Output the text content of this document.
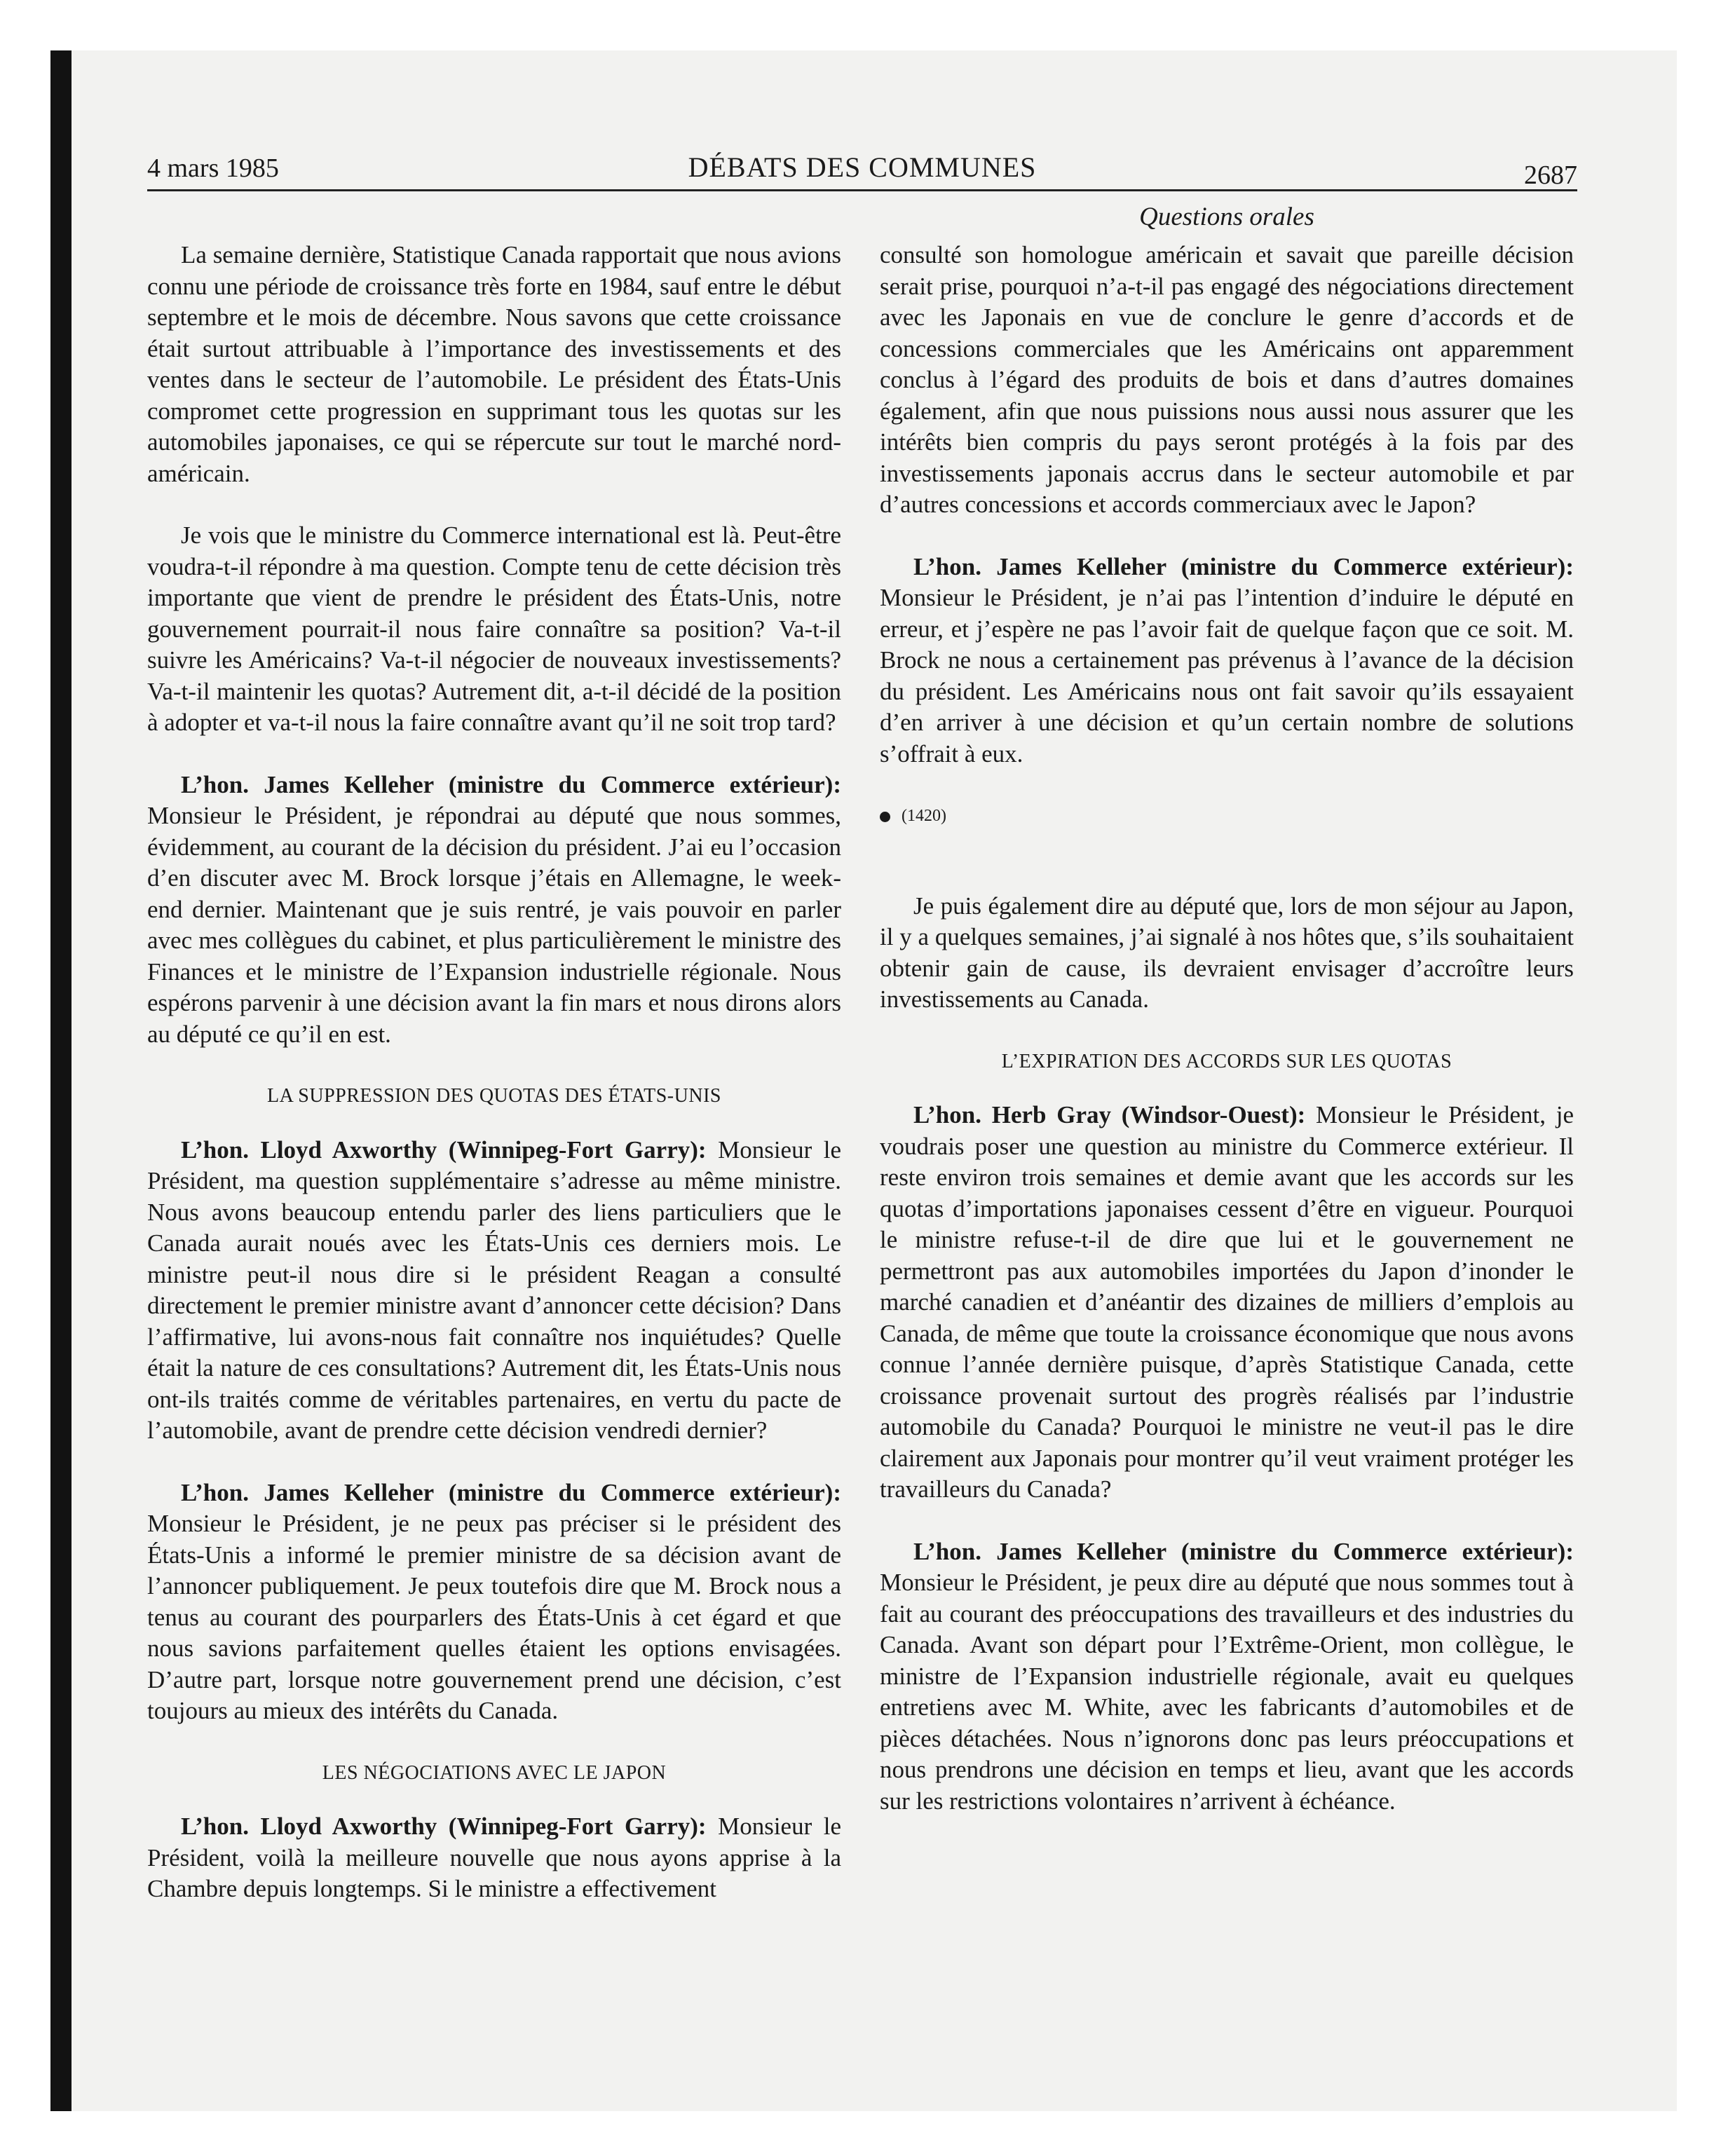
4 mars 1985	DÉBATS DES COMMUNES	2687
Questions orales

La semaine dernière, Statistique Canada rapportait que nous avions connu une période de croissance très forte en 1984, sauf entre le début septembre et le mois de décembre. Nous savons que cette croissance était surtout attribuable à l’importance des investissements et des ventes dans le secteur de l’automobile. Le président des États-Unis compromet cette progression en supprimant tous les quotas sur les automobiles japonaises, ce qui se répercute sur tout le marché nord-américain.

Je vois que le ministre du Commerce international est là. Peut-être voudra-t-il répondre à ma question. Compte tenu de cette décision très importante que vient de prendre le président des États-Unis, notre gouvernement pourrait-il nous faire connaître sa position? Va-t-il suivre les Américains? Va-t-il négocier de nouveaux investissements? Va-t-il maintenir les quotas? Autrement dit, a-t-il décidé de la position à adopter et va-t-il nous la faire connaître avant qu’il ne soit trop tard?

L’hon. James Kelleher (ministre du Commerce extérieur): Monsieur le Président, je répondrai au député que nous sommes, évidemment, au courant de la décision du président. J’ai eu l’occasion d’en discuter avec M. Brock lorsque j’étais en Allemagne, le week-end dernier. Maintenant que je suis rentré, je vais pouvoir en parler avec mes collègues du cabinet, et plus particulièrement le ministre des Finances et le ministre de l’Expansion industrielle régionale. Nous espérons parvenir à une décision avant la fin mars et nous dirons alors au député ce qu’il en est.

LA SUPPRESSION DES QUOTAS DES ÉTATS-UNIS

L’hon. Lloyd Axworthy (Winnipeg-Fort Garry): Monsieur le Président, ma question supplémentaire s’adresse au même ministre. Nous avons beaucoup entendu parler des liens particuliers que le Canada aurait noués avec les États-Unis ces derniers mois. Le ministre peut-il nous dire si le président Reagan a consulté directement le premier ministre avant d’annoncer cette décision? Dans l’affirmative, lui avons-nous fait connaître nos inquiétudes? Quelle était la nature de ces consultations? Autrement dit, les États-Unis nous ont-ils traités comme de véritables partenaires, en vertu du pacte de l’automobile, avant de prendre cette décision vendredi dernier?

L’hon. James Kelleher (ministre du Commerce extérieur): Monsieur le Président, je ne peux pas préciser si le président des États-Unis a informé le premier ministre de sa décision avant de l’annoncer publiquement. Je peux toutefois dire que M. Brock nous a tenus au courant des pourparlers des États-Unis à cet égard et que nous savions parfaitement quelles étaient les options envisagées. D’autre part, lorsque notre gouvernement prend une décision, c’est toujours au mieux des intérêts du Canada.

LES NÉGOCIATIONS AVEC LE JAPON

L’hon. Lloyd Axworthy (Winnipeg-Fort Garry): Monsieur le Président, voilà la meilleure nouvelle que nous ayons apprise à la Chambre depuis longtemps. Si le ministre a effectivement

consulté son homologue américain et savait que pareille décision serait prise, pourquoi n’a-t-il pas engagé des négociations directement avec les Japonais en vue de conclure le genre d’accords et de concessions commerciales que les Américains ont apparemment conclus à l’égard des produits de bois et dans d’autres domaines également, afin que nous puissions nous aussi nous assurer que les intérêts bien compris du pays seront protégés à la fois par des investissements japonais accrus dans le secteur automobile et par d’autres concessions et accords commerciaux avec le Japon?

L’hon. James Kelleher (ministre du Commerce extérieur): Monsieur le Président, je n’ai pas l’intention d’induire le député en erreur, et j’espère ne pas l’avoir fait de quelque façon que ce soit. M. Brock ne nous a certainement pas prévenus à l’avance de la décision du président. Les Américains nous ont fait savoir qu’ils essayaient d’en arriver à une décision et qu’un certain nombre de solutions s’offrait à eux.

(1420)

Je puis également dire au député que, lors de mon séjour au Japon, il y a quelques semaines, j’ai signalé à nos hôtes que, s’ils souhaitaient obtenir gain de cause, ils devraient envisager d’accroître leurs investissements au Canada.

L’EXPIRATION DES ACCORDS SUR LES QUOTAS

L’hon. Herb Gray (Windsor-Ouest): Monsieur le Président, je voudrais poser une question au ministre du Commerce extérieur. Il reste environ trois semaines et demie avant que les accords sur les quotas d’importations japonaises cessent d’être en vigueur. Pourquoi le ministre refuse-t-il de dire que lui et le gouvernement ne permettront pas aux automobiles importées du Japon d’inonder le marché canadien et d’anéantir des dizaines de milliers d’emplois au Canada, de même que toute la croissance économique que nous avons connue l’année dernière puisque, d’après Statistique Canada, cette croissance provenait surtout des progrès réalisés par l’industrie automobile du Canada? Pourquoi le ministre ne veut-il pas le dire clairement aux Japonais pour montrer qu’il veut vraiment protéger les travailleurs du Canada?

L’hon. James Kelleher (ministre du Commerce extérieur): Monsieur le Président, je peux dire au député que nous sommes tout à fait au courant des préoccupations des travailleurs et des industries du Canada. Avant son départ pour l’Extrême-Orient, mon collègue, le ministre de l’Expansion industrielle régionale, avait eu quelques entretiens avec M. White, avec les fabricants d’automobiles et de pièces détachées. Nous n’ignorons donc pas leurs préoccupations et nous prendrons une décision en temps et lieu, avant que les accords sur les restrictions volontaires n’arrivent à échéance.
